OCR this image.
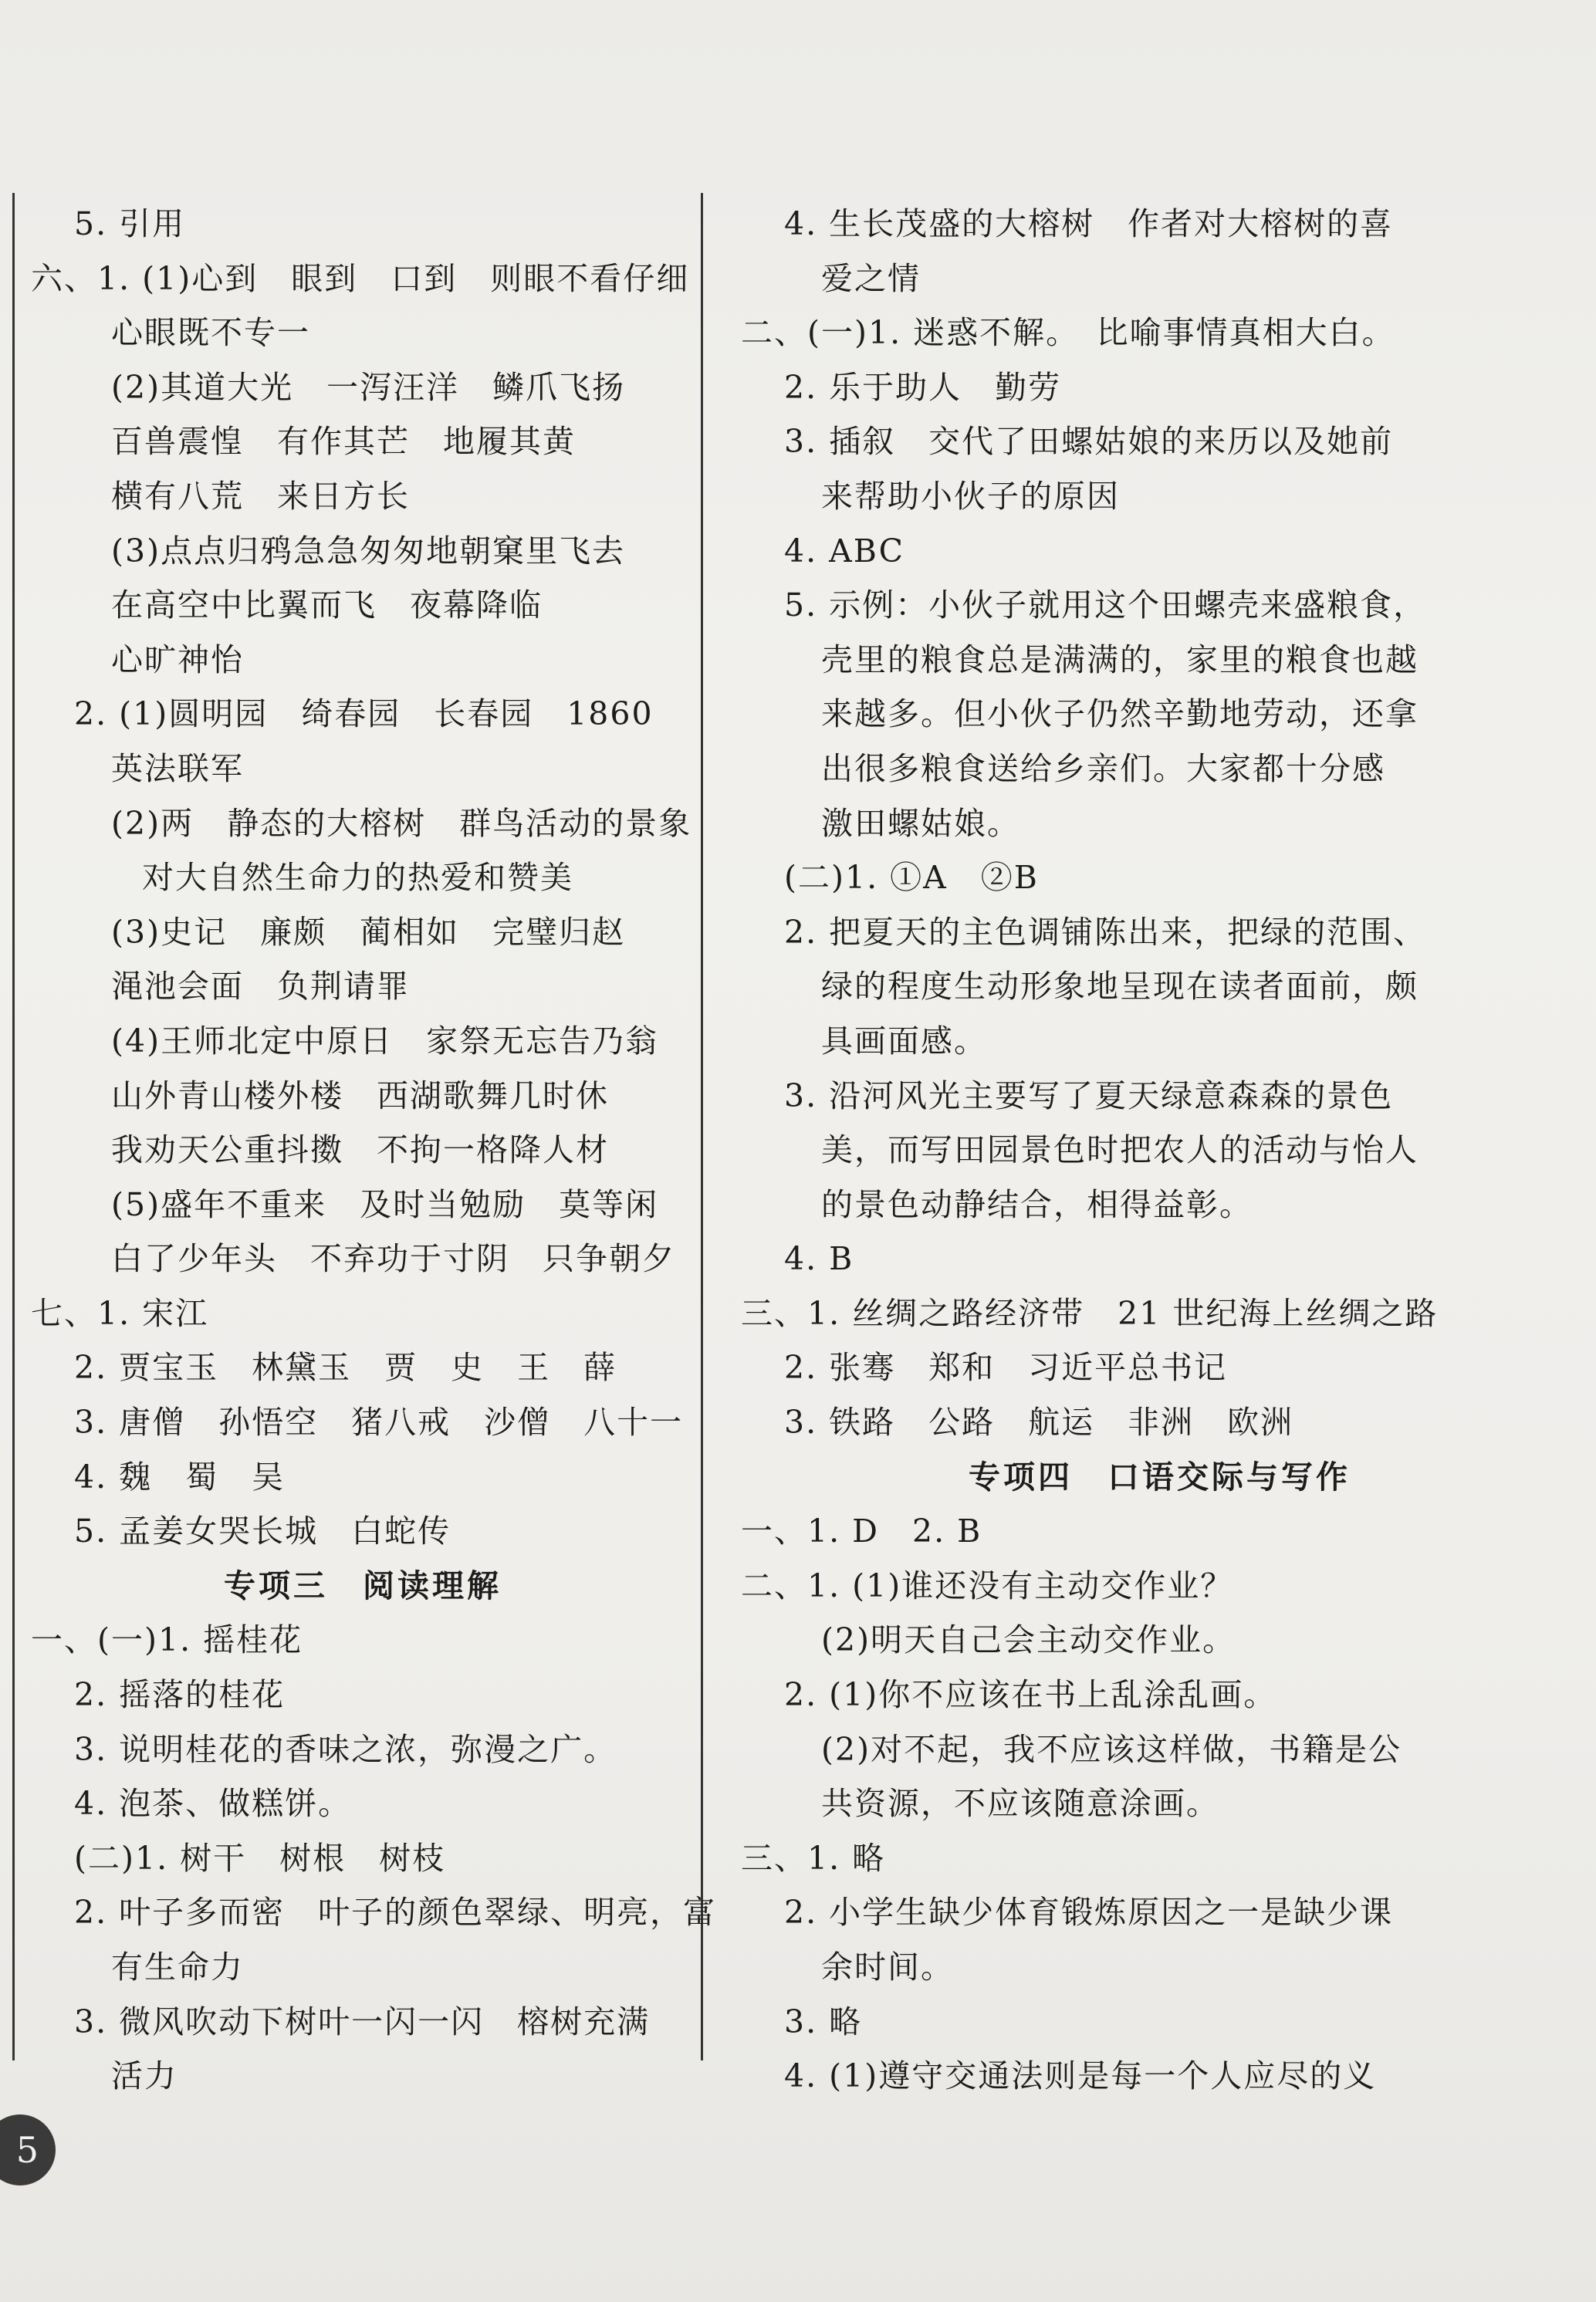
5. 引用
六、1. (1)心到　眼到　口到　则眼不看仔细
心眼既不专一
(2)其道大光　一泻汪洋　鳞爪飞扬
百兽震惶　有作其芒　地履其黄
横有八荒　来日方长
(3)点点归鸦急急匆匆地朝窠里飞去
在高空中比翼而飞　夜幕降临
心旷神怡
2. (1)圆明园　绮春园　长春园　1860
英法联军
(2)两　静态的大榕树　群鸟活动的景象
对大自然生命力的热爱和赞美
(3)史记　廉颇　蔺相如　完璧归赵
渑池会面　负荆请罪
(4)王师北定中原日　家祭无忘告乃翁
山外青山楼外楼　西湖歌舞几时休
我劝天公重抖擞　不拘一格降人材
(5)盛年不重来　及时当勉励　莫等闲
白了少年头　不弃功于寸阴　只争朝夕
七、1. 宋江
2. 贾宝玉　林黛玉　贾　史　王　薛
3. 唐僧　孙悟空　猪八戒　沙僧　八十一
4. 魏　蜀　吴
5. 孟姜女哭长城　白蛇传
专项三　阅读理解
一、(一)1. 摇桂花
2. 摇落的桂花
3. 说明桂花的香味之浓，弥漫之广。
4. 泡茶、做糕饼。
(二)1. 树干　树根　树枝
2. 叶子多而密　叶子的颜色翠绿、明亮，富
有生命力
3. 微风吹动下树叶一闪一闪　榕树充满
活力
4. 生长茂盛的大榕树　作者对大榕树的喜
爱之情
二、(一)1. 迷惑不解。　比喻事情真相大白。
2. 乐于助人　勤劳
3. 插叙　交代了田螺姑娘的来历以及她前
来帮助小伙子的原因
4. ABC
5. 示例：小伙子就用这个田螺壳来盛粮食，
壳里的粮食总是满满的，家里的粮食也越
来越多。但小伙子仍然辛勤地劳动，还拿
出很多粮食送给乡亲们。大家都十分感
激田螺姑娘。
(二)1. ①A　②B
2. 把夏天的主色调铺陈出来，把绿的范围、
绿的程度生动形象地呈现在读者面前，颇
具画面感。
3. 沿河风光主要写了夏天绿意森森的景色
美，而写田园景色时把农人的活动与怡人
的景色动静结合，相得益彰。
4. B
三、1. 丝绸之路经济带　21 世纪海上丝绸之路
2. 张骞　郑和　习近平总书记
3. 铁路　公路　航运　非洲　欧洲
专项四　口语交际与写作
一、1. D　2. B
二、1. (1)谁还没有主动交作业？
(2)明天自己会主动交作业。
2. (1)你不应该在书上乱涂乱画。
(2)对不起，我不应该这样做，书籍是公
共资源，不应该随意涂画。
三、1. 略
2. 小学生缺少体育锻炼原因之一是缺少课
余时间。
3. 略
4. (1)遵守交通法则是每一个人应尽的义
5
